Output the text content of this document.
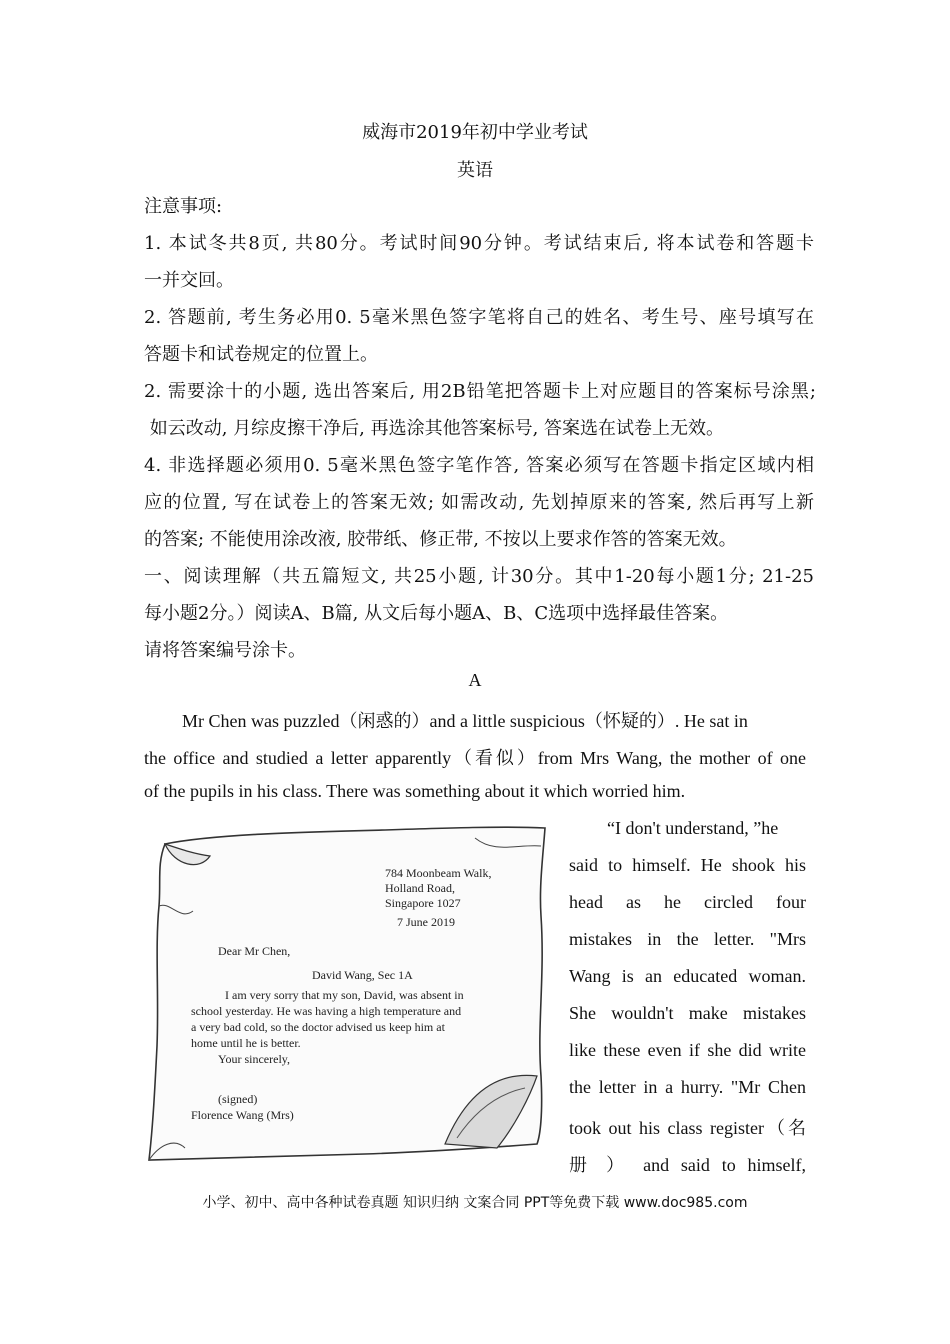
威海市2019年初中学业考试
英语
注意事项:
1. 本试冬共8页, 共80分。考试时间90分钟。考试结束后, 将本试卷和答题卡
一并交回。
2. 答题前, 考生务必用0. 5毫米黑色签字笔将自己的姓名、考生号、座号填写在
答题卡和试卷规定的位置上。
2. 需要涂十的小题, 选出答案后, 用2B铅笔把答题卡上对应题目的答案标号涂黑;
如云改动, 月综皮擦干净后, 再选涂其他答案标号, 答案选在试卷上无效。
4. 非选择题必须用0. 5毫米黑色签字笔作答, 答案必须写在答题卡指定区域内相
应的位置, 写在试卷上的答案无效; 如需改动, 先划掉原来的答案, 然后再写上新
的答案; 不能使用涂改液, 胶带纸、修正带, 不按以上要求作答的答案无效。
一、阅读理解（共五篇短文, 共25小题, 计30分。其中1-20每小题1分; 21-25
每小题2分。）阅读A、B篇, 从文后每小题A、B、C选项中选择最佳答案。
请将答案编号涂卡。
A
Mr Chen was puzzled（闲惑的）and a little suspicious（怀疑的）. He sat in
the office and studied a letter apparently（看似）from Mrs Wang, the mother of one
of the pupils in his class. There was something about it which worried him.
“I don't understand, ”he
said to himself. He shook his
head as he circled four
mistakes in the letter. "Mrs
Wang is an educated woman.
She wouldn't make mistakes
like these even if she did write
the letter in a hurry. "Mr Chen
took out his class register（名
册 ） and said to himself,
784 Moonbeam Walk,
Holland Road,
Singapore 1027
7 June 2019
Dear Mr Chen,
David Wang, Sec 1A
I am very sorry that my son, David, was absent in
school yesterday. He was having a high temperature and
a very bad cold, so the doctor advised us keep him at
home until he is better.
Your sincerely,
(signed)
Florence Wang (Mrs)
小学、初中、高中各种试卷真题 知识归纳 文案合同 PPT等免费下载 www.doc985.com
